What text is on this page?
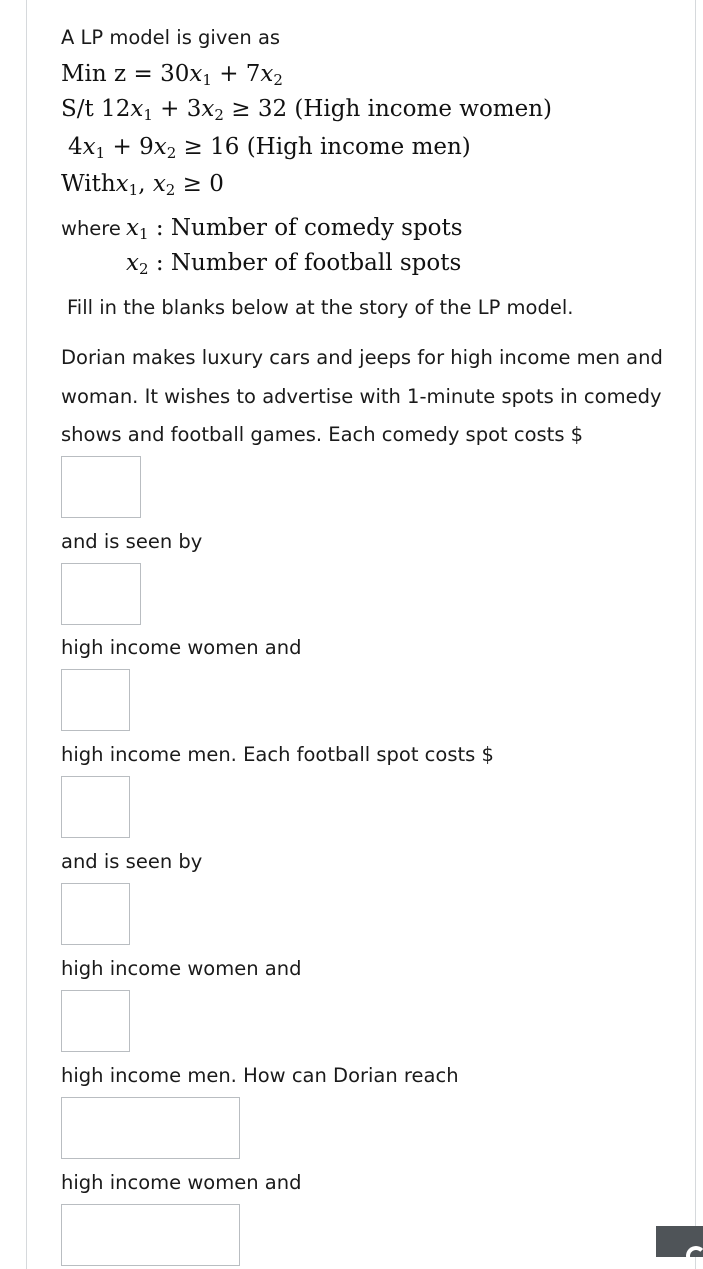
A LP model is given as
Min $z = 30x_1 + 7x_2$
S/t $12x_1 + 3x_2 \ge 32$ (High income women)
$4x_1 + 9x_2 \ge 16$ (High income men)
Withx$_1$, $x_2 \ge 0$
where $x_1$ : Number of comedy spots
$x_2$ : Number of football spots
Fill in the blanks below at the story of the LP model.
Dorian makes luxury cars and jeeps for high income men and
woman. It wishes to advertise with 1-minute spots in comedy
shows and football games. Each comedy spot costs $
and is seen by
high income women and
high income men. Each football spot costs $
and is seen by
high income women and
high income men. How can Dorian reach
high income women and
